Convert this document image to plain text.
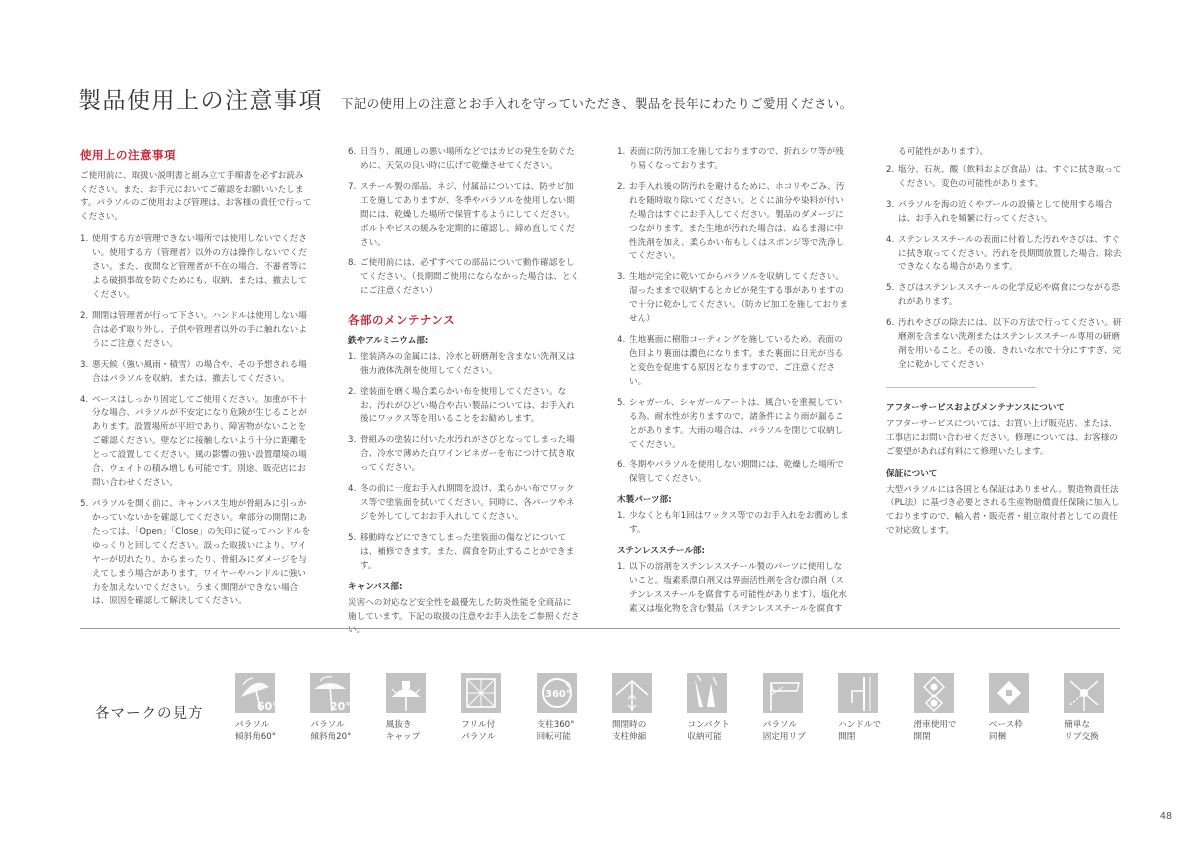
製品使用上の注意事項 下記の使用上の注意とお手入れを守っていただき、製品を長年にわたりご愛用ください。

使用上の注意事項

ご使用前に、取扱い説明書と組み立て手順書を必ずお読みください。また、お手元においてご確認をお願いいたします。パラソルのご使用および管理は、お客様の責任で行ってください。

1. 使用する方が管理できない場所では使用しないでください。使用する方（管理者）以外の方は操作しないでください。また、夜間など管理者が不在の場合、不審者等による破損事故を防ぐためにも、収納、または、撤去してください。
2. 開閉は管理者が行って下さい。ハンドルは使用しない場合は必ず取り外し、子供や管理者以外の手に触れないようにご注意ください。
3. 悪天候（強い風雨・積雪）の場合や、その予想される場合はパラソルを収納、または、撤去してください。
4. ベースはしっかり固定してご使用ください。加重が不十分な場合、パラソルが不安定になり危険が生じることがあります。設置場所が平坦であり、障害物がないことをご確認ください。壁などに接触しないよう十分に距離をとって設置してください。風の影響の強い設置環境の場合、ウェイトの積み増しも可能です。別途、販売店にお問い合わせください。
5. パラソルを開く前に、キャンパス生地が骨組みに引っかかっていないかを確認してください。傘部分の開閉にあたっては、「Open」「Close」の矢印に従ってハンドルをゆっくりと回してください。誤った取扱いにより、ワイヤーが切れたり、からまったり、骨組みにダメージを与えてしまう場合があります。ワイヤーやハンドルに強い力を加えないでください。うまく開閉ができない場合は、原因を確認して解決してください。
6. 日当り、風通しの悪い場所などではカビの発生を防ぐために、天気の良い時に広げて乾燥させてください。
7. スチール製の部品、ネジ、付属品については、防サビ加工を施してありますが、冬季やパラソルを使用しない期間には、乾燥した場所で保管するようにしてください。ボルトやビスの緩みを定期的に確認し、締め直してください。
8. ご使用前には、必ずすべての部品について動作確認をしてください。（長期間ご使用にならなかった場合は、とくにご注意ください）
各部のメンテナンス
鉄やアルミニウム部:
1. 塗装済みの金属には、冷水と研磨剤を含まない洗剤又は強力液体洗剤を使用してください。
2. 塗装面を磨く場合柔らかい布を使用してください。なお、汚れがひどい場合や古い製品については、お手入れ後にワックス等を用いることをお勧めします。
3. 骨組みの塗装に付いた水汚れがさびとなってしまった場合、冷水で薄めた白ワインビネガーを布につけて拭き取ってください。
4. 冬の前に一度お手入れ期間を設け、柔らかい布でワックス等で塗装面を拭いてください。同時に、各パーツやネジを外してしておお手入れしてください。
5. 移動時などにできてしまった塗装面の傷などについては、補修できます。また、腐食を防止することができます。
キャンバス部:

災害への対応など安全性を最優先した防炎性能を全商品に施しています。下記の取扱の注意やお手入法をご参照ください。

1. 表面に防汚加工を施しておりますので、折れシワ等が残り易くなっております。
2. お手入れ後の防汚れを避けるために、ホコリやごみ、汚れを随時取り除いてください。とくに油分や染料が付いた場合はすぐにお手入してください。製品のダメージにつながります。また生地が汚れた場合は、ぬるま湯に中性洗剤を加え、柔らかい布もしくはスポンジ等で洗浄してください。
3. 生地が完全に乾いてからパラソルを収納してください。湿ったままで収納するとカビが発生する事がありますので十分に乾かしてください。（防カビ加工を施しておりません）
4. 生地裏面に樹脂コーティングを施しているため、表面の色目より裏面は濃色になります。また裏面に日光が当ると変色を促進する原因となりますので、ご注意ください。
5. シャガール、シャガールアートは、風合いを重視している為、耐水性が劣りますので、諸条件により雨が漏ることがあります。大雨の場合は、パラソルを閉じて収納してください。
6. 冬期やパラソルを使用しない期間には、乾燥した場所で保管してください。
木製パーツ部:
1. 少なくとも年1回はワックス等でのお手入れをお薦めします。
ステンレススチール部:
1. 以下の溶剤をステンレススチール製のパーツに使用しないこと。塩素系漂白剤又は界面活性剤を含む漂白剤（ステンレススチールを腐食する可能性があります）、塩化水素又は塩化物を含む製品（ステンレススチールを腐食す

る可能性があります）。

2. 塩分、石灰、酸（飲料および食品）は、すぐに拭き取ってください。変色の可能性があります。
3. パラソルを海の近くやプールの設備として使用する場合は、お手入れを頻繁に行ってください。
4. ステンレススチールの表面に付着した汚れやさびは、すぐに拭き取ってください。汚れを長期間放置した場合、除去できなくなる場合があります。
5. さびはステンレススチールの化学反応や腐食につながる恐れがあります。
6. 汚れやさびの除去には、以下の方法で行ってください。研磨剤を含まない洗剤またはステンレススチール専用の研磨剤を用いること。その後、きれいな水で十分にすすぎ、完全に乾かしてください
アフターサービスおよびメンテナンスについて

アフターサービスについては、お買い上げ販売店、または、工事店にお問い合わせください。修理については、お客様のご要望があれば有料にて修理いたします。

保証について

大型パラソルには各国とも保証はありません。製造物責任法（PL法）に基づき必要とされる生産物賠償責任保険に加入しておりますので、輸入者・販売者・組立取付者としての責任で対応致します。

各マークの見方	60°
パラソル
傾斜角60°
20°
パラソル
傾斜角20°
風抜き
キャップ
フリル付
パラソル
360°
支柱360°
回転可能
開閉時の
支柱伸縮
コンパクト
収納可能
パラソル
固定用リブ
ハンドルで
開閉
滑車使用で
開閉
ベース枠
同梱
簡単な
リブ交換
48
